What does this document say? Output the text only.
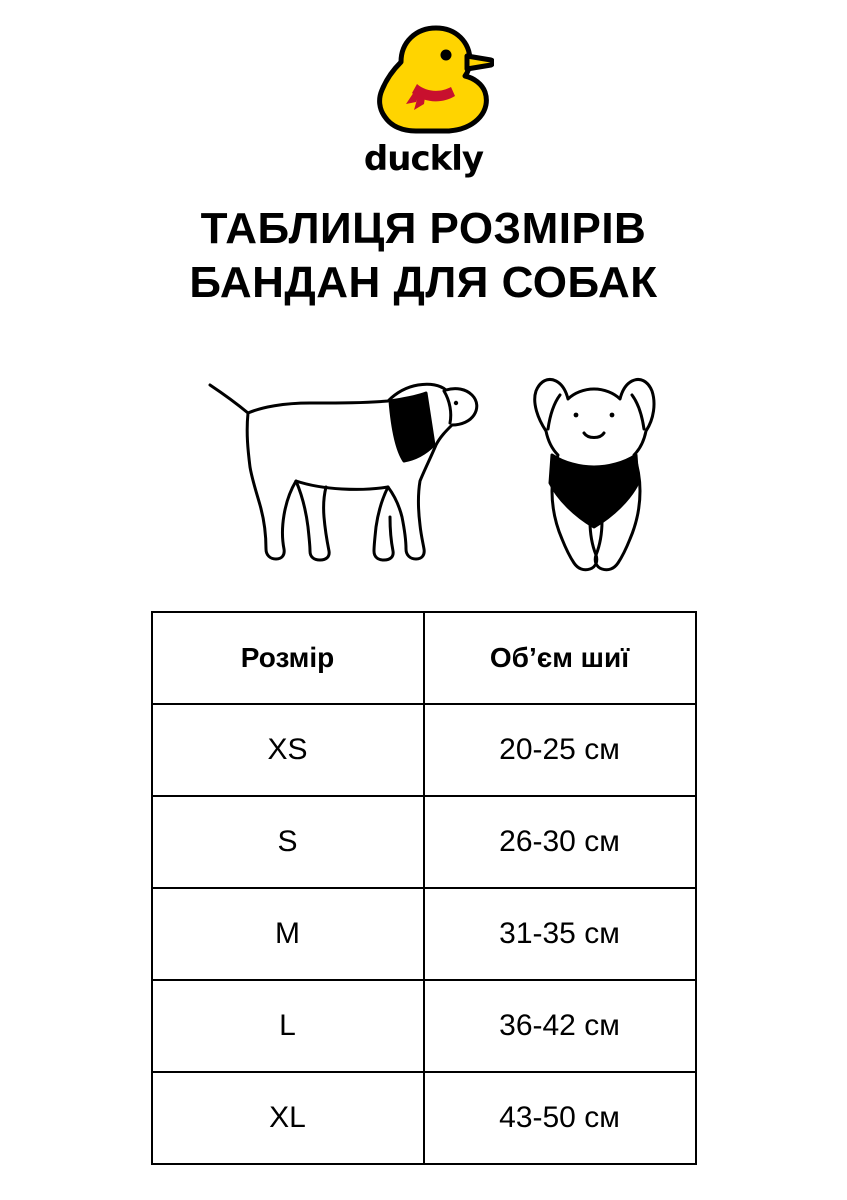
duckly
ТАБЛИЦЯ РОЗМІРІВ
БАНДАН ДЛЯ СОБАК
Розмір	Об’єм шиї
XS	20-25 см
S	26-30 см
M	31-35 см
L	36-42 см
XL	43-50 см
